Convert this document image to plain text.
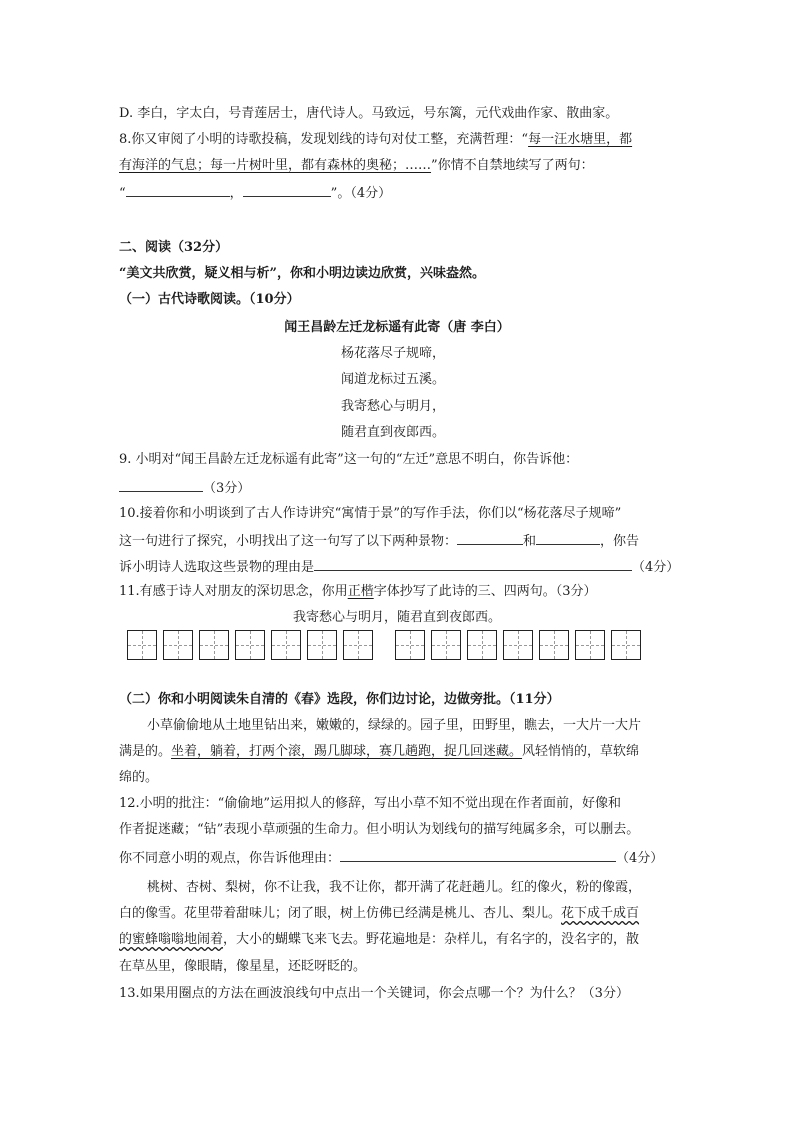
D. 李白，字太白，号青莲居士，唐代诗人。马致远，号东篱，元代戏曲作家、散曲家。
8.你又审阅了小明的诗歌投稿，发现划线的诗句对仗工整，充满哲理：“每一汪水塘里，都
有海洋的气息；每一片树叶里，都有森林的奥秘；……”你情不自禁地续写了两句：
“	，	”。（4分）
二、阅读（32分）
“美文共欣赏，疑义相与析”，你和小明边读边欣赏，兴味盎然。
（一）古代诗歌阅读。（10分）
闻王昌龄左迁龙标遥有此寄（唐 李白）
杨花落尽子规啼，
闻道龙标过五溪。
我寄愁心与明月，
随君直到夜郎西。
9. 小明对“闻王昌龄左迁龙标遥有此寄”这一句的“左迁”意思不明白，你告诉他：
（3分）
10.接着你和小明谈到了古人作诗讲究“寓情于景”的写作手法，你们以“杨花落尽子规啼”
这一句进行了探究，小明找出了这一句写了以下两种景物：	和	，你告
诉小明诗人选取这些景物的理由是	（4分）
11.有感于诗人对朋友的深切思念，你用正楷字体抄写了此诗的三、四两句。（3分）
我寄愁心与明月，随君直到夜郎西。
（二）你和小明阅读朱自清的《春》选段，你们边讨论，边做旁批。（11分）
小草偷偷地从土地里钻出来，嫩嫩的，绿绿的。园子里，田野里，瞧去，一大片一大片
满是的。坐着，躺着，打两个滚，踢几脚球，赛几趟跑，捉几回迷藏。风轻悄悄的，草软绵
绵的。
12.小明的批注：“偷偷地”运用拟人的修辞，写出小草不知不觉出现在作者面前，好像和
作者捉迷藏；“钻”表现小草顽强的生命力。但小明认为划线句的描写纯属多余，可以删去。
你不同意小明的观点，你告诉他理由：	（4分）
桃树、杏树、梨树，你不让我，我不让你，都开满了花赶趟儿。红的像火，粉的像霞，
白的像雪。花里带着甜味儿；闭了眼，树上仿佛已经满是桃儿、杏儿、梨儿。花下成千成百
的蜜蜂嗡嗡地闹着，大小的蝴蝶飞来飞去。野花遍地是：杂样儿，有名字的，没名字的，散
在草丛里，像眼睛，像星星，还眨呀眨的。
13.如果用圈点的方法在画波浪线句中点出一个关键词，你会点哪一个？为什么？（3分）
